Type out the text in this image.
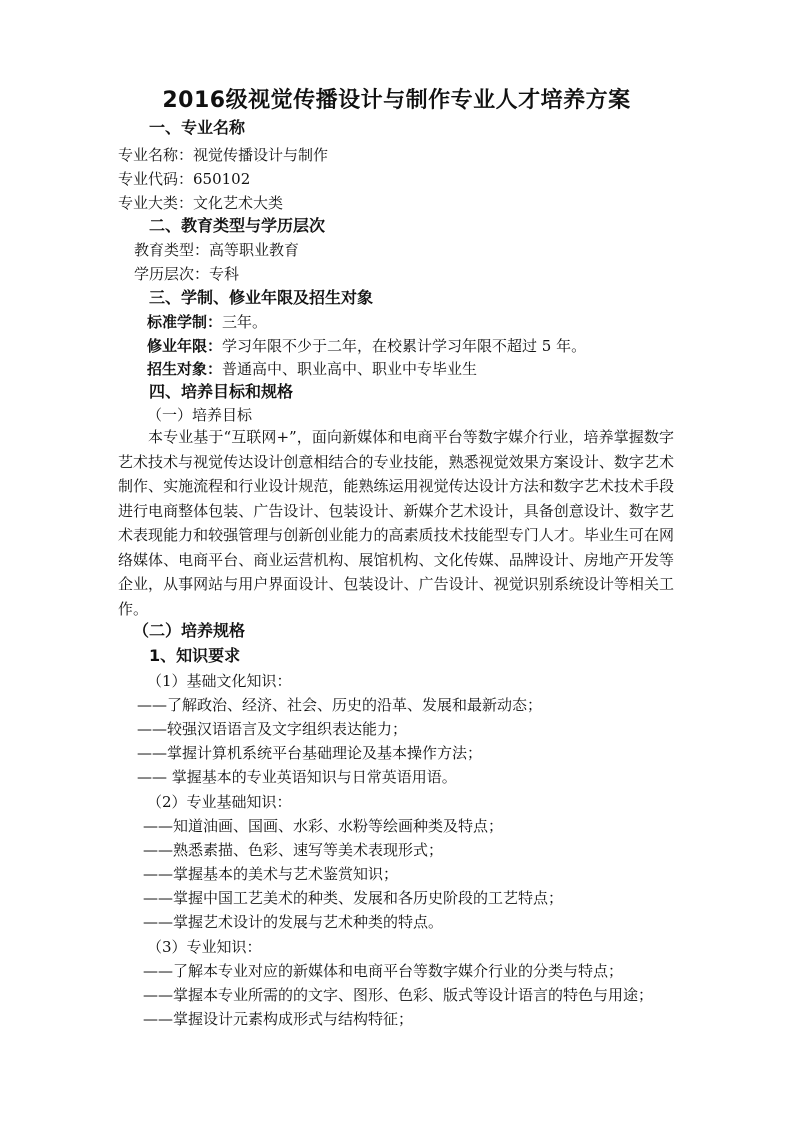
2016级视觉传播设计与制作专业人才培养方案
一、专业名称
专业名称：视觉传播设计与制作
专业代码：650102
专业大类：文化艺术大类
二、教育类型与学历层次
教育类型：高等职业教育
学历层次：专科
三、学制、修业年限及招生对象
标准学制：三年。
修业年限：学习年限不少于二年，在校累计学习年限不超过 5 年。
招生对象：普通高中、职业高中、职业中专毕业生
四、培养目标和规格
（一）培养目标
本专业基于“互联网+”，面向新媒体和电商平台等数字媒介行业，培养掌握数字艺术技术与视觉传达设计创意相结合的专业技能，熟悉视觉效果方案设计、数字艺术制作、实施流程和行业设计规范，能熟练运用视觉传达设计方法和数字艺术技术手段进行电商整体包装、广告设计、包装设计、新媒介艺术设计，具备创意设计、数字艺术表现能力和较强管理与创新创业能力的高素质技术技能型专门人才。毕业生可在网络媒体、电商平台、商业运营机构、展馆机构、文化传媒、品牌设计、房地产开发等企业，从事网站与用户界面设计、包装设计、广告设计、视觉识别系统设计等相关工作。
（二）培养规格
1、知识要求
（1）基础文化知识：
——了解政治、经济、社会、历史的沿革、发展和最新动态；
——较强汉语语言及文字组织表达能力；
——掌握计算机系统平台基础理论及基本操作方法；
—— 掌握基本的专业英语知识与日常英语用语。
（2）专业基础知识：
——知道油画、国画、水彩、水粉等绘画种类及特点；
——熟悉素描、色彩、速写等美术表现形式；
——掌握基本的美术与艺术鉴赏知识；
——掌握中国工艺美术的种类、发展和各历史阶段的工艺特点；
——掌握艺术设计的发展与艺术种类的特点。
（3）专业知识：
——了解本专业对应的新媒体和电商平台等数字媒介行业的分类与特点；
——掌握本专业所需的的文字、图形、色彩、版式等设计语言的特色与用途；
——掌握设计元素构成形式与结构特征；
